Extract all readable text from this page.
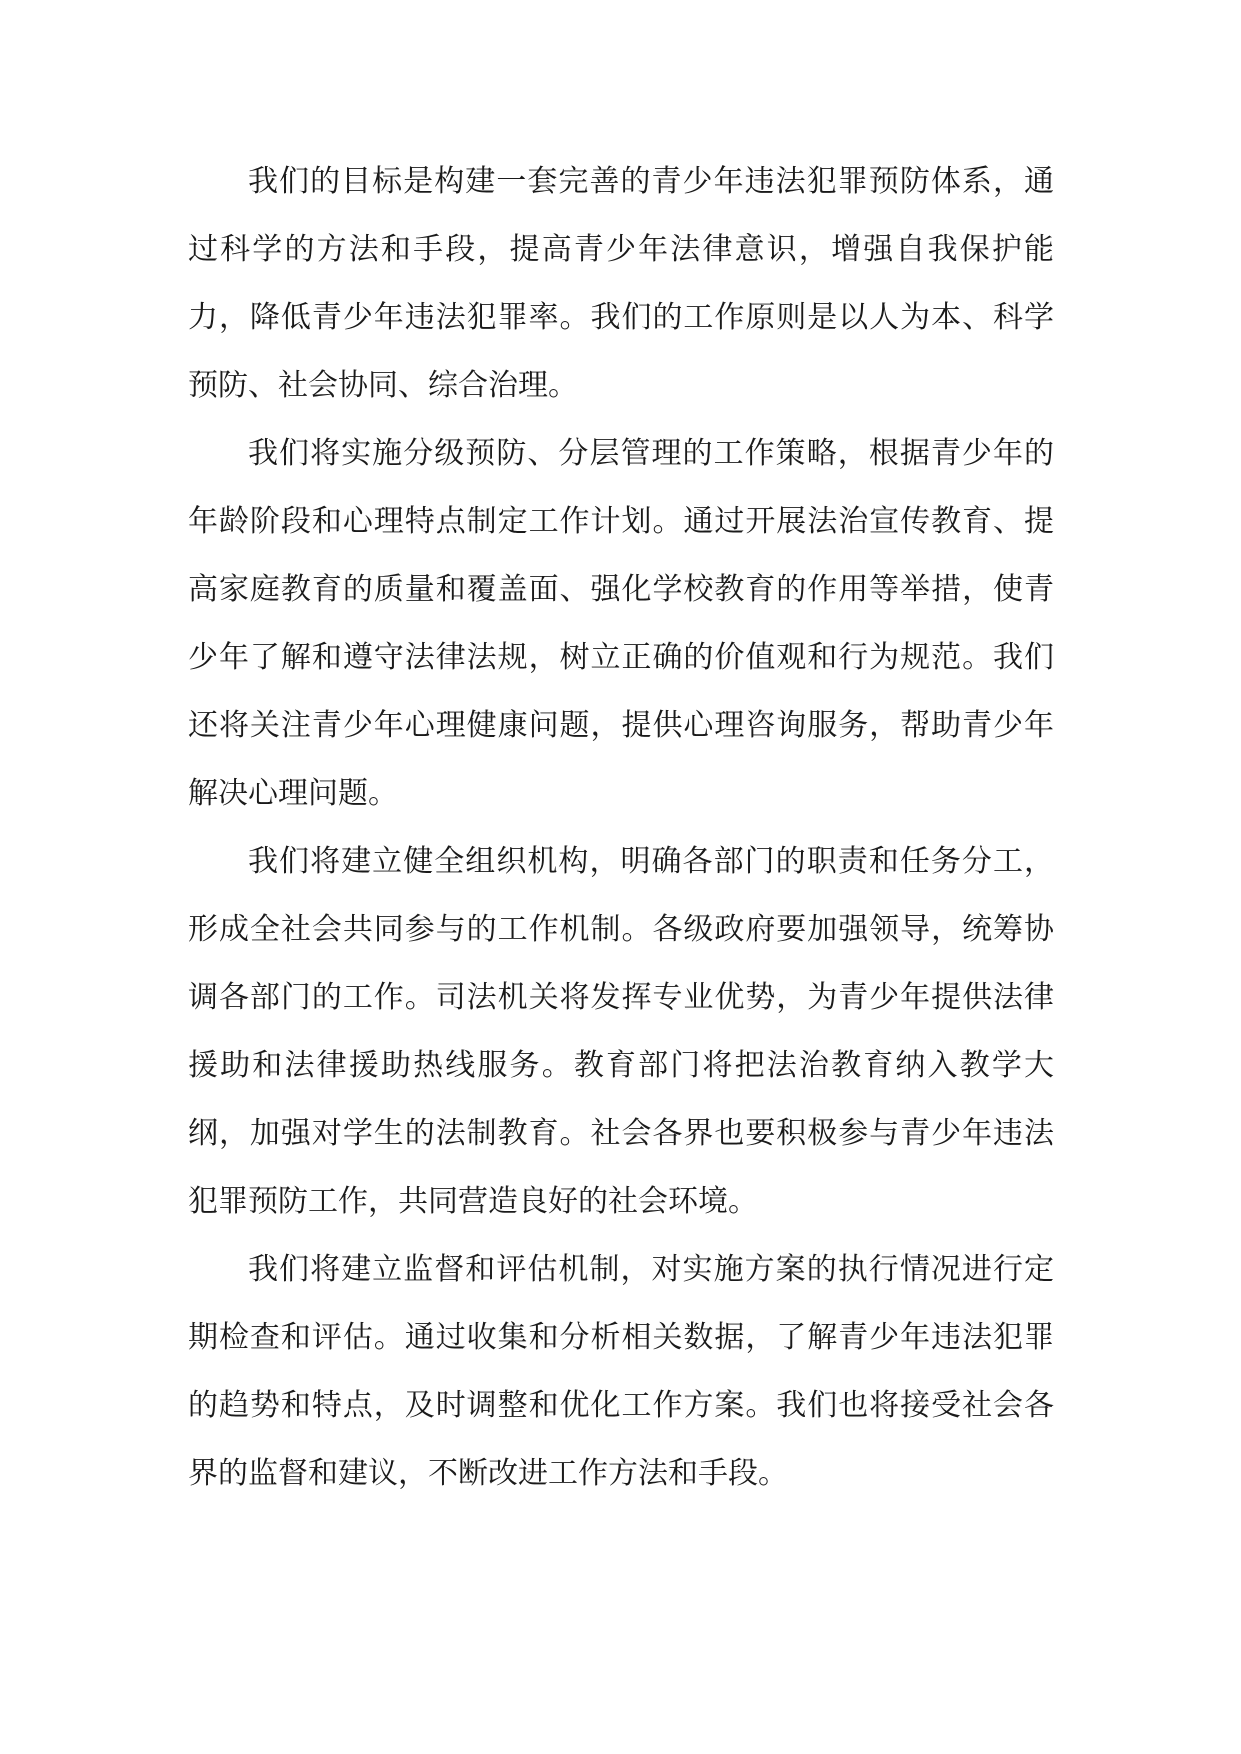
我们的目标是构建一套完善的青少年违法犯罪预防体系，通过科学的方法和手段，提高青少年法律意识，增强自我保护能力，降低青少年违法犯罪率。我们的工作原则是以人为本、科学预防、社会协同、综合治理。

我们将实施分级预防、分层管理的工作策略，根据青少年的年龄阶段和心理特点制定工作计划。通过开展法治宣传教育、提高家庭教育的质量和覆盖面、强化学校教育的作用等举措，使青少年了解和遵守法律法规，树立正确的价值观和行为规范。我们还将关注青少年心理健康问题，提供心理咨询服务，帮助青少年解决心理问题。

我们将建立健全组织机构，明确各部门的职责和任务分工，形成全社会共同参与的工作机制。各级政府要加强领导，统筹协调各部门的工作。司法机关将发挥专业优势，为青少年提供法律援助和法律援助热线服务。教育部门将把法治教育纳入教学大纲，加强对学生的法制教育。社会各界也要积极参与青少年违法犯罪预防工作，共同营造良好的社会环境。

我们将建立监督和评估机制，对实施方案的执行情况进行定期检查和评估。通过收集和分析相关数据，了解青少年违法犯罪的趋势和特点，及时调整和优化工作方案。我们也将接受社会各界的监督和建议，不断改进工作方法和手段。
